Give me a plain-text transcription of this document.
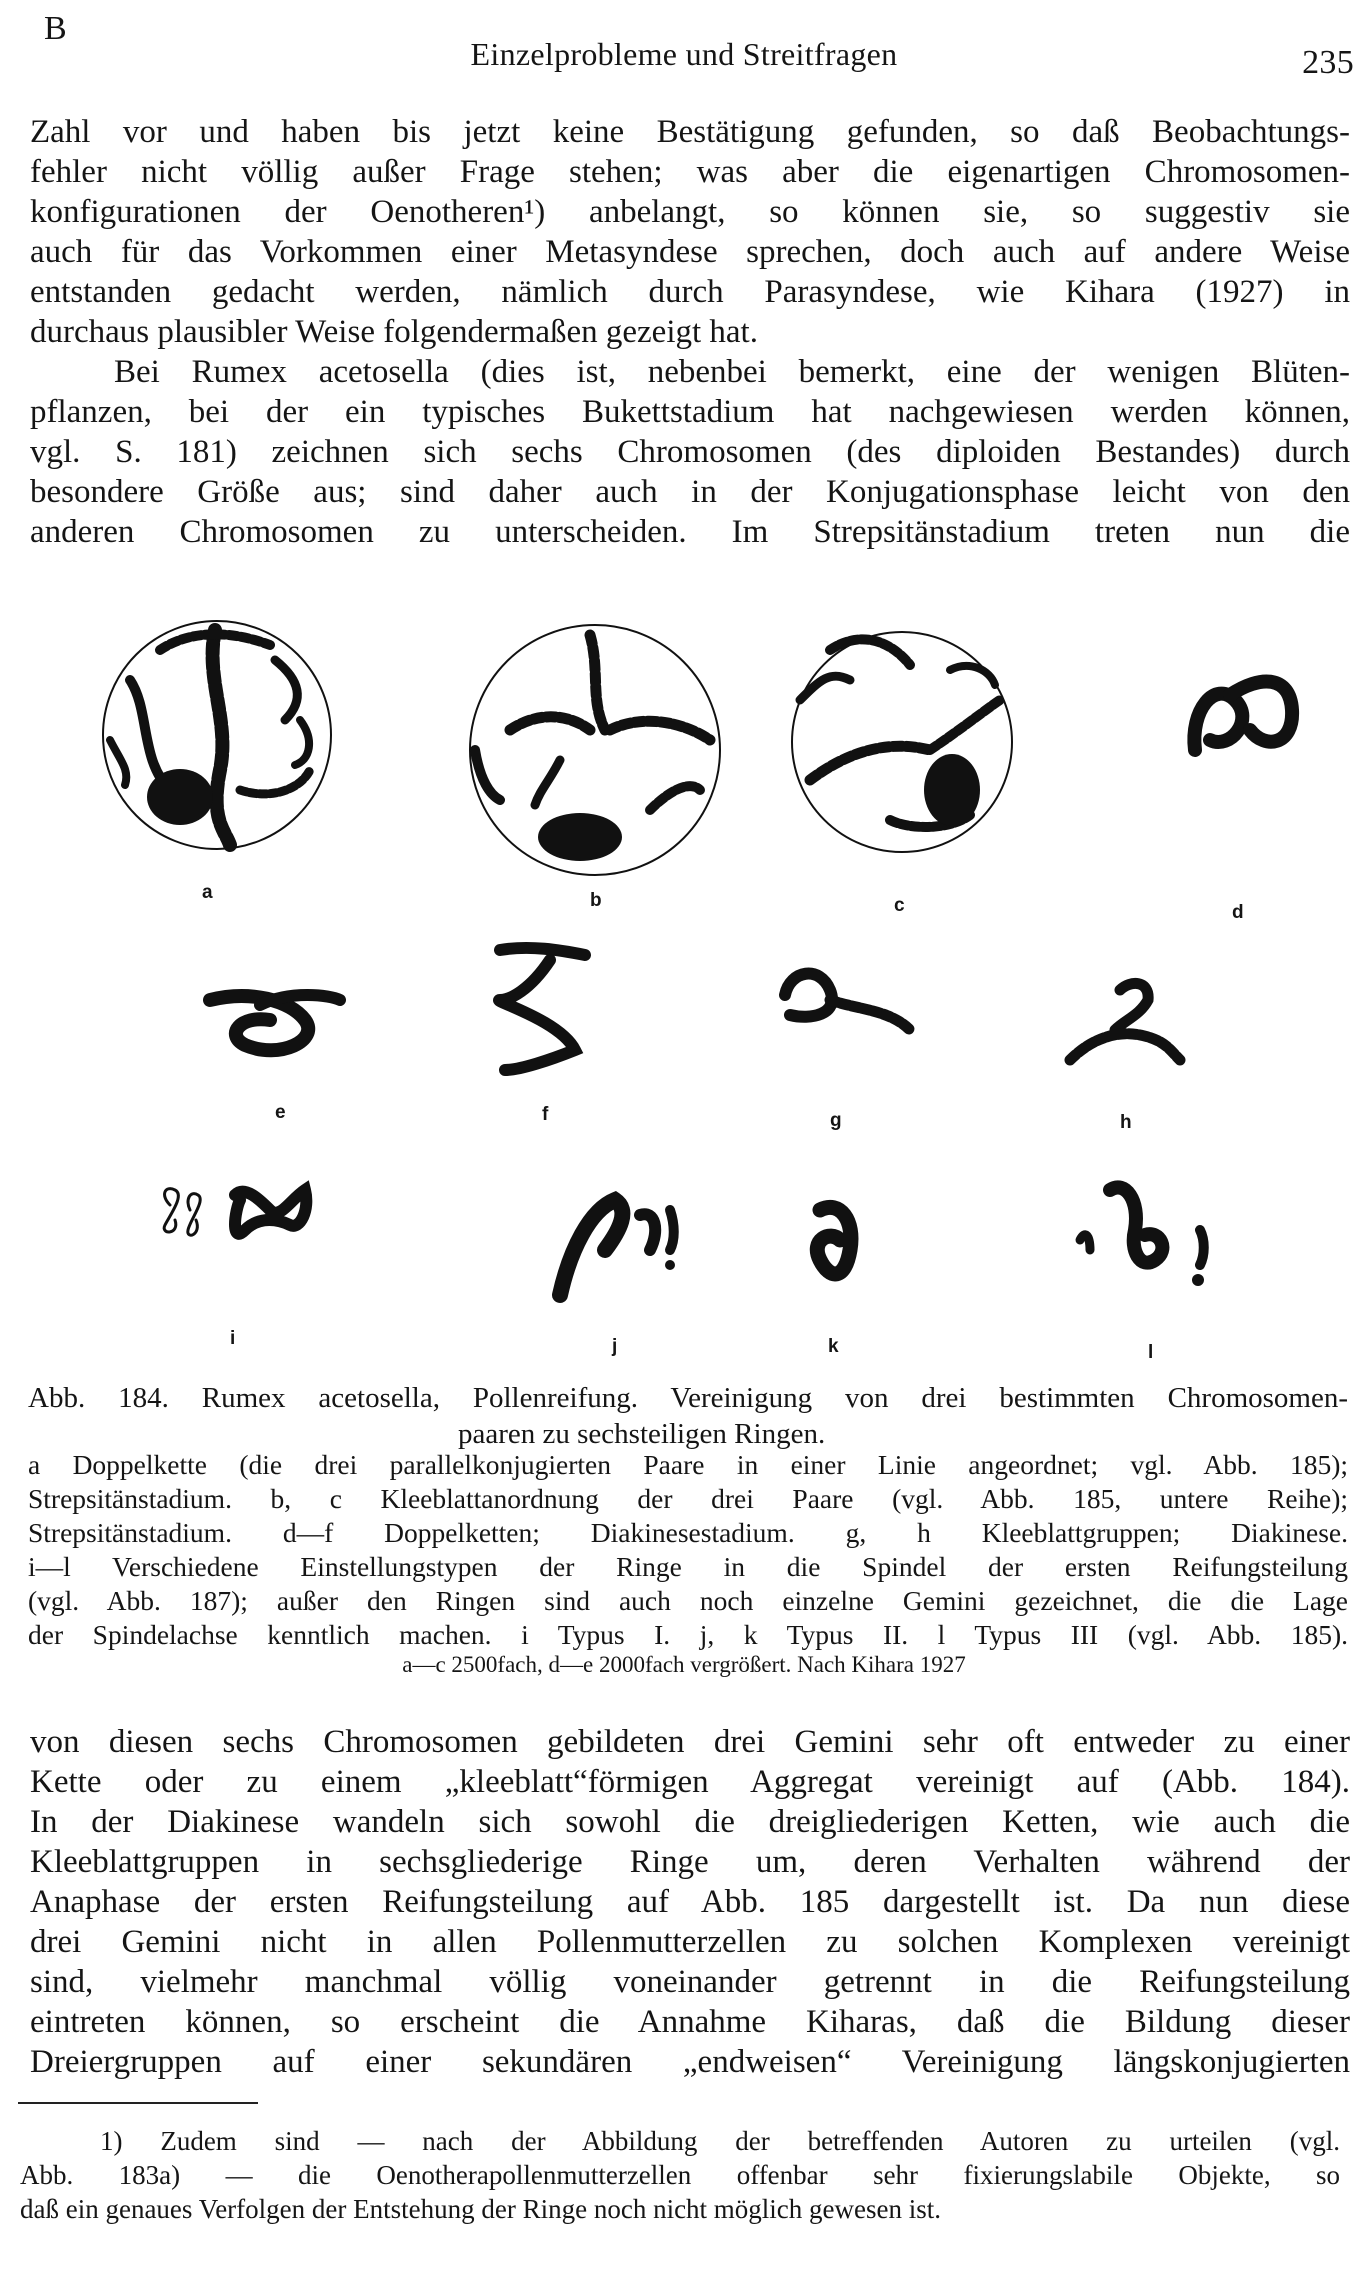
B
Einzelproblem​e und Streitfragen	235
Zahl vor und haben bis jetzt keine Bestätigung gefunden, so daß Beobachtungs-
fehler nicht völlig außer Frage stehen; was aber die eigenartigen Chromosomen-
konfigurationen der Oenotheren¹) anbelangt, so können sie, so suggestiv sie
auch für das Vorkommen einer Metasyndese sprechen, doch auch auf andere Weise
entstanden gedacht werden, nämlich durch Parasyndese, wie Kihara (1927) in
durchaus plausibler Weise folgendermaßen gezeigt hat.
Bei Rumex acetosella (dies ist, nebenbei bemerkt, eine der wenigen Blüten-
pflanzen, bei der ein typisches Bukettstadium hat nachgewiesen werden können,
vgl. S. 181) zeichnen sich sechs Chromosomen (des diploiden Bestandes) durch
besondere Größe aus; sind daher auch in der Konjugationsphase leicht von den
anderen Chromosomen zu unterscheiden. Im Strepsitänstadium treten nun die
a	b	c	d
e	f	g	h
i	j	k	l
Abb. 184. Rumex acetosella, Pollenreifung. Vereinigung von drei bestimmten Chromosomen-
paaren zu sechsteiligen Ringen.
a Doppelkette (die drei parallelkonjugierten Paare in einer Linie angeordnet; vgl. Abb. 185);
Strepsitänstadium. b, c Kleeblattanordnung der drei Paare (vgl. Abb. 185, untere Reihe);
Strepsitänstadium. d—f Doppelketten; Diakinesestadium. g, h Kleeblattgruppen; Diakinese.
i—l Verschiedene Einstellungstypen der Ringe in die Spindel der ersten Reifungsteilung
(vgl. Abb. 187); außer den Ringen sind auch noch einzelne Gemini gezeichnet, die die Lage
der Spindelachse kenntlich machen. i Typus I. j, k Typus II. l Typus III (vgl. Abb. 185).
a—c 2500fach, d—e 2000fach vergrößert. Nach Kihara 1927
von diesen sechs Chromosomen gebildeten drei Gemini sehr oft entweder zu einer
Kette oder zu einem „kleeblatt“förmigen Aggregat vereinigt auf (Abb. 184).
In der Diakinese wandeln sich sowohl die dreigliederigen Ketten, wie auch die
Kleeblattgruppen in sechsgliederige Ringe um, deren Verhalten während der
Anaphase der ersten Reifungsteilung auf Abb. 185 dargestellt ist. Da nun diese
drei Gemini nicht in allen Pollenmutterzellen zu solchen Komplexen vereinigt
sind, vielmehr manchmal völlig voneinander getrennt in die Reifungsteilung
eintreten können, so erscheint die Annahme Kiharas, daß die Bildung dieser
Dreiergruppen auf einer sekundären „endweisen“ Vereinigung längskonjugierten
1) Zudem sind — nach der Abbildung der betreffenden Autoren zu urteilen (vgl.
Abb. 183a) — die Oenotherapollenmutterzellen offenbar sehr fixierungslabile Objekte, so
daß ein genaues Verfolgen der Entstehung der Ringe noch nicht möglich gewesen ist.
